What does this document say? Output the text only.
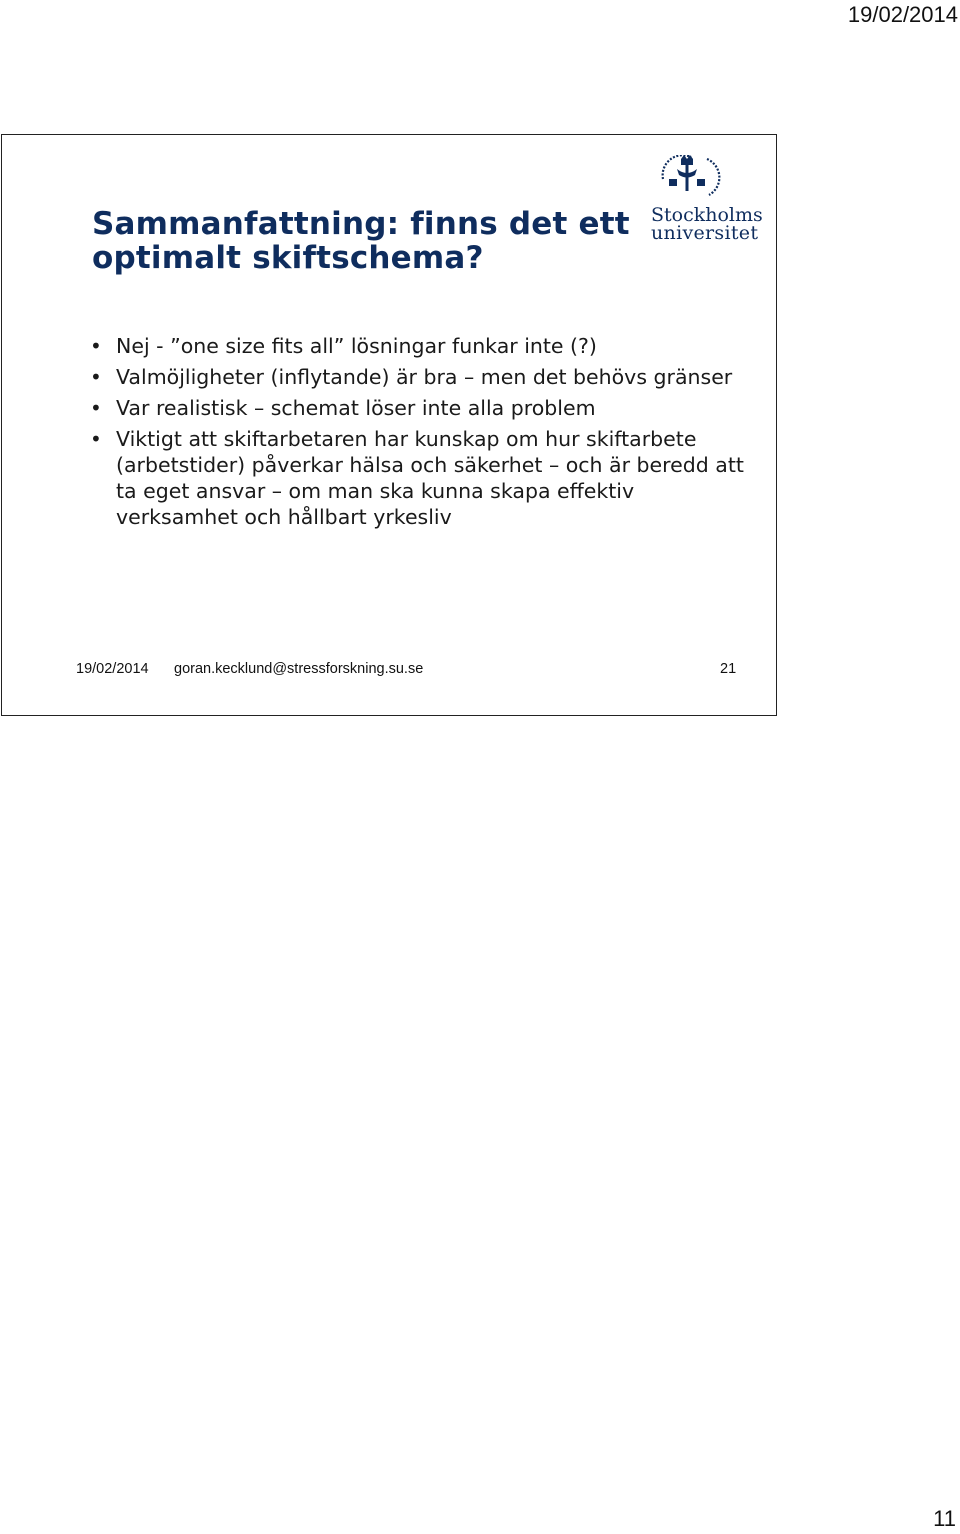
19/02/2014
Sammanfattning: finns det ett optimalt skiftschema?
Stockholms
universitet
• Nej - ”one size fits all” lösningar funkar inte (?)
• Valmöjligheter (inflytande) är bra – men det behövs gränser
• Var realistisk – schemat löser inte alla problem
• Viktigt att skiftarbetaren har kunskap om hur skiftarbete (arbetstider) påverkar hälsa och säkerhet – och är beredd att ta eget ansvar – om man ska kunna skapa effektiv verksamhet och hållbart yrkesliv
19/02/2014 goran.kecklund@stressforskning.su.se	21
11
